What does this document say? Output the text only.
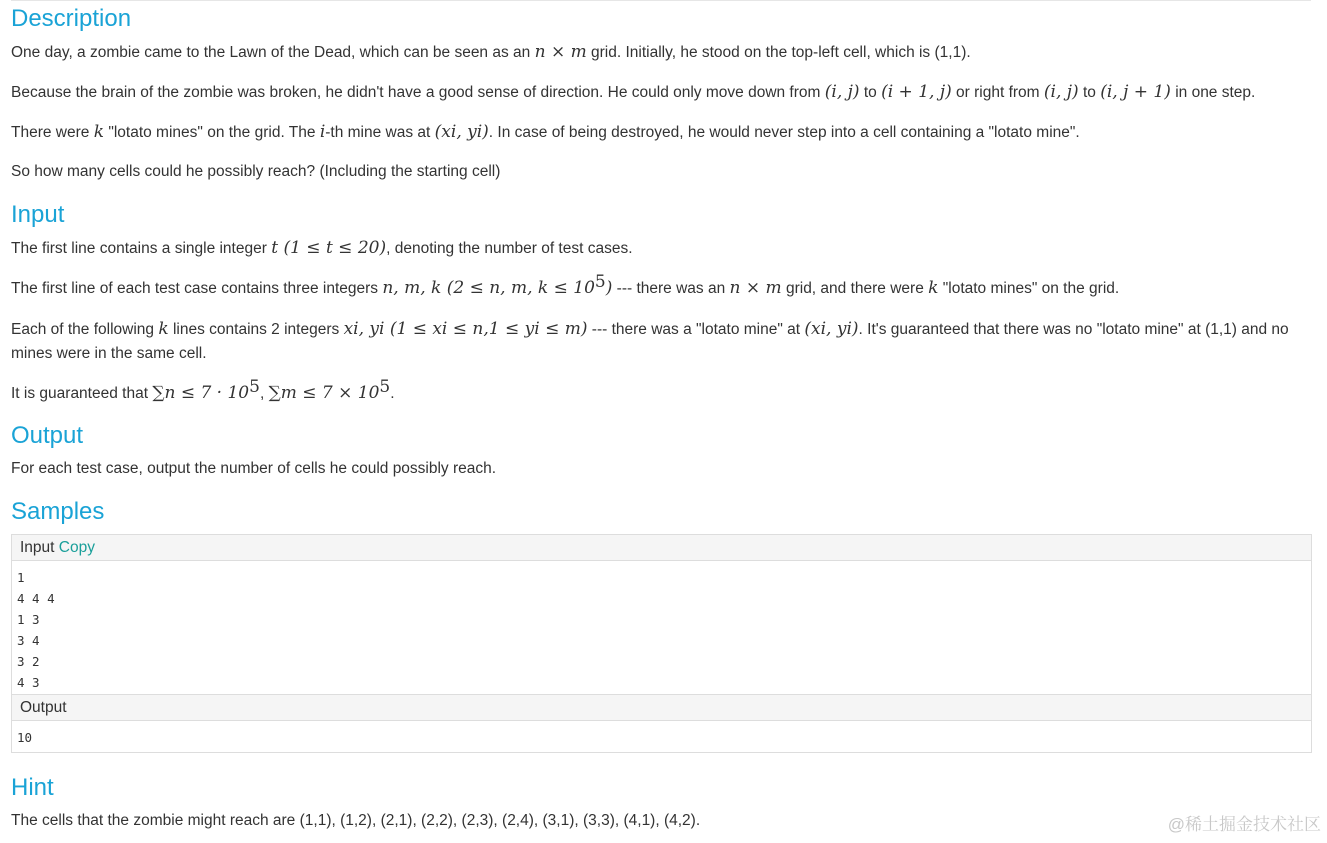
Description

One day, a zombie came to the Lawn of the Dead, which can be seen as an n × m grid. Initially, he stood on the top-left cell, which is (1,1).

Because the brain of the zombie was broken, he didn't have a good sense of direction. He could only move down from (i, j) to (i + 1, j) or right from (i, j) to (i, j + 1) in one step.

There were k "lotato mines" on the grid. The i-th mine was at (xi, yi). In case of being destroyed, he would never step into a cell containing a "lotato mine".

So how many cells could he possibly reach? (Including the starting cell)

Input

The first line contains a single integer t (1 ≤ t ≤ 20), denoting the number of test cases.

The first line of each test case contains three integers n, m, k (2 ≤ n, m, $k \le 10^5$) --- there was an n × m grid, and there were k "lotato mines" on the grid.

Each of the following k lines contains 2 integers xi, yi (1 ≤ xi ≤ n,1 ≤ yi ≤ m) --- there was a "lotato mine" at (xi, yi). It's guaranteed that there was no "lotato mine" at (1,1) and no mines were in the same cell.

It is guaranteed that $\sum n \le 7 \cdot 10^5$, $\sum m \le 7 \times 10^5$.

Output

For each test case, output the number of cells he could possibly reach.

Samples
Input Copy
1
4 4 4
1 3
3 4
3 2
4 3
Output
10
Hint

The cells that the zombie might reach are (1,1), (1,2), (2,1), (2,2), (2,3), (2,4), (3,1), (3,3), (4,1), (4,2).	@稀土掘金技术社区
